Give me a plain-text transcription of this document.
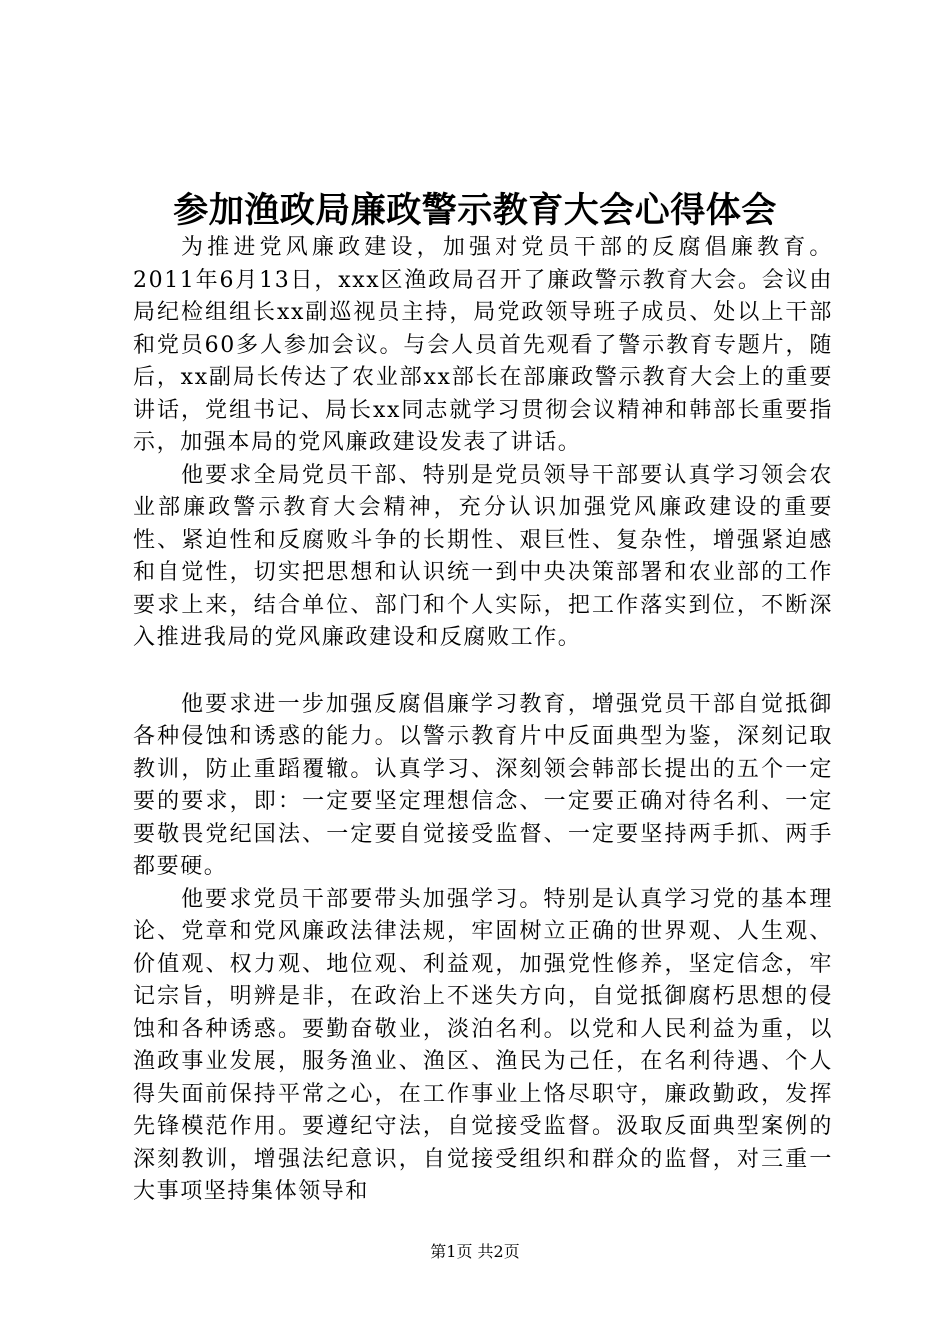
参加渔政局廉政警示教育大会心得体会

为推进党风廉政建设，加强对党员干部的反腐倡廉教育。2011年6月13日，xxx区渔政局召开了廉政警示教育大会。会议由局纪检组组长xx副巡视员主持，局党政领导班子成员、处以上干部和党员60多人参加会议。与会人员首先观看了警示教育专题片，随后，xx副局长传达了农业部xx部长在部廉政警示教育大会上的重要讲话，党组书记、局长xx同志就学习贯彻会议精神和韩部长重要指示，加强本局的党风廉政建设发表了讲话。

他要求全局党员干部、特别是党员领导干部要认真学习领会农业部廉政警示教育大会精神，充分认识加强党风廉政建设的重要性、紧迫性和反腐败斗争的长期性、艰巨性、复杂性，增强紧迫感和自觉性，切实把思想和认识统一到中央决策部署和农业部的工作要求上来，结合单位、部门和个人实际，把工作落实到位，不断深入推进我局的党风廉政建设和反腐败工作。

他要求进一步加强反腐倡廉学习教育，增强党员干部自觉抵御各种侵蚀和诱惑的能力。以警示教育片中反面典型为鉴，深刻记取教训，防止重蹈覆辙。认真学习、深刻领会韩部长提出的五个一定要的要求，即：一定要坚定理想信念、一定要正确对待名利、一定要敬畏党纪国法、一定要自觉接受监督、一定要坚持两手抓、两手都要硬。

他要求党员干部要带头加强学习。特别是认真学习党的基本理论、党章和党风廉政法律法规，牢固树立正确的世界观、人生观、价值观、权力观、地位观、利益观，加强党性修养，坚定信念，牢记宗旨，明辨是非，在政治上不迷失方向，自觉抵御腐朽思想的侵蚀和各种诱惑。要勤奋敬业，淡泊名利。以党和人民利益为重，以渔政事业发展，服务渔业、渔区、渔民为己任，在名利待遇、个人得失面前保持平常之心，在工作事业上恪尽职守，廉政勤政，发挥先锋模范作用。要遵纪守法，自觉接受监督。汲取反面典型案例的深刻教训，增强法纪意识，自觉接受组织和群众的监督，对三重一大事项坚持集体领导和

第1页 共2页
